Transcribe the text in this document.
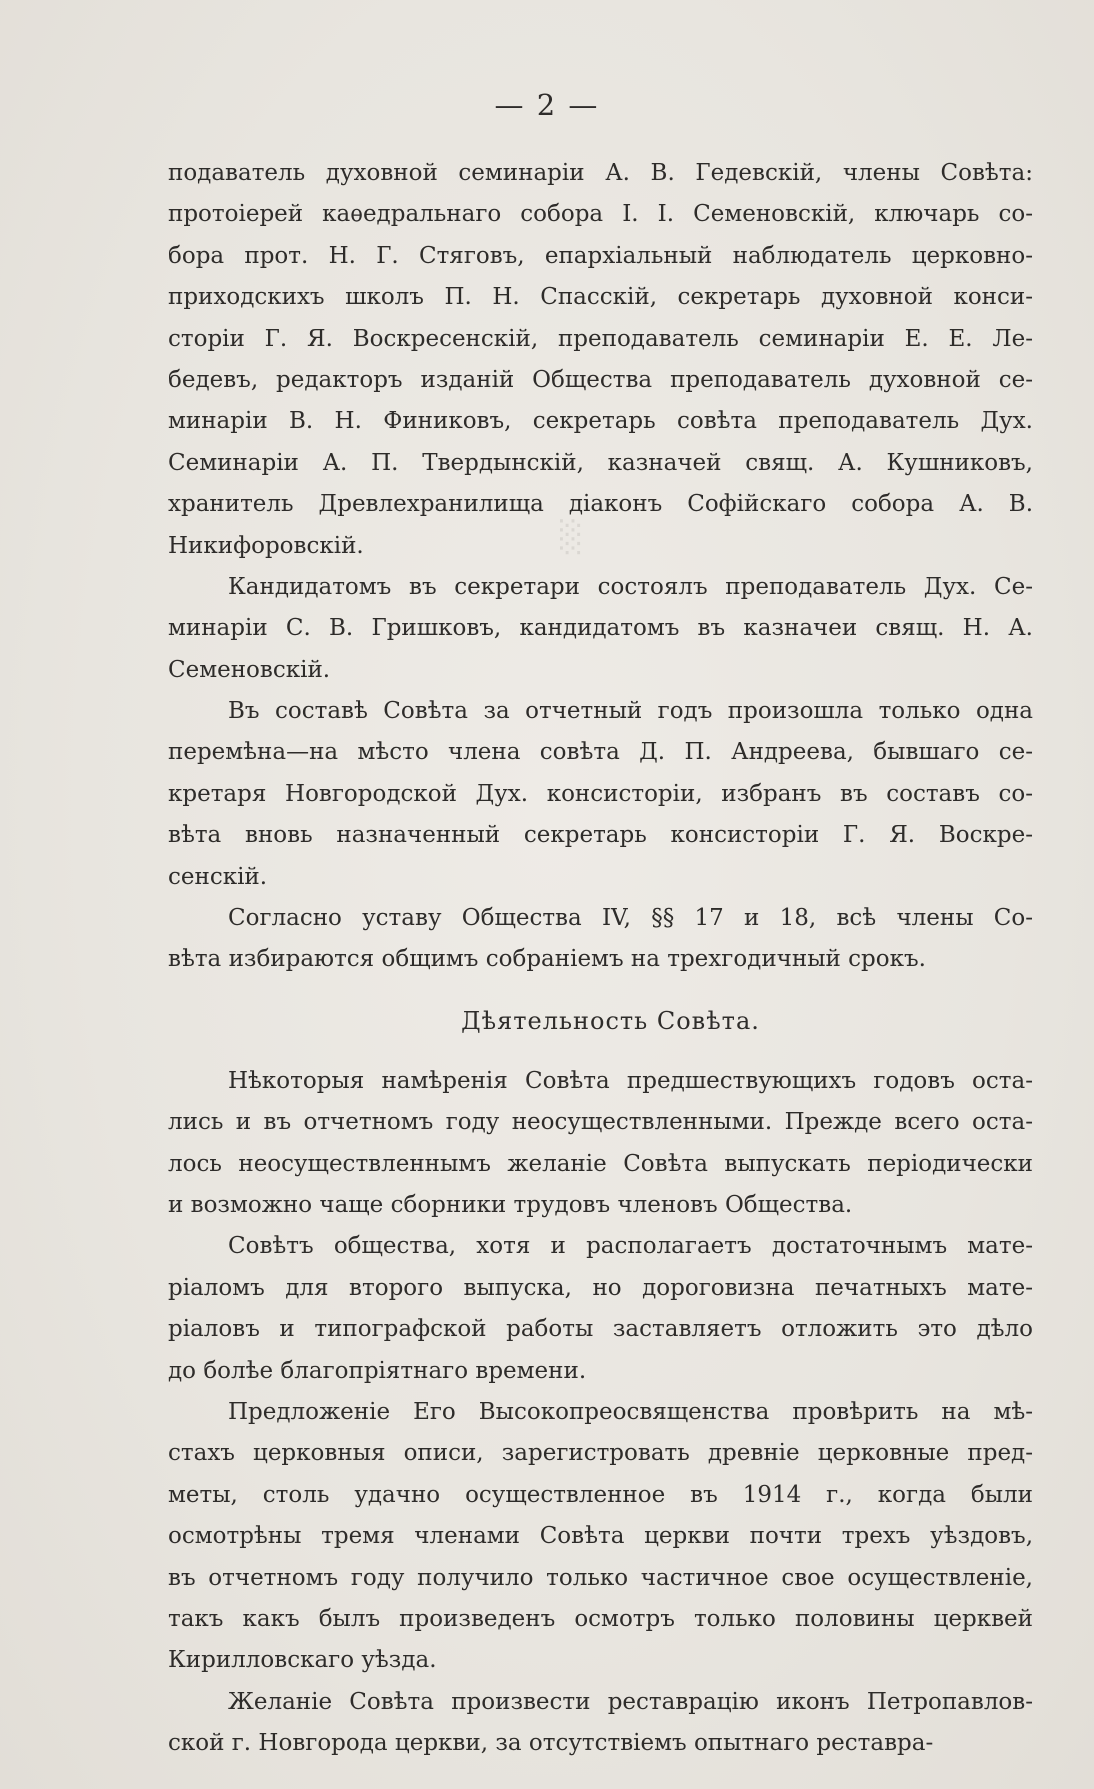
░
— 2 —
подаватель духовной семинаріи А. В. Гедевскій, члены Совѣта:
протоіерей каѳедральнаго собора І. І. Семеновскій, ключарь со-
бора прот. Н. Г. Стяговъ, епархіальный наблюдатель церковно-
приходскихъ школъ П. Н. Спасскій, секретарь духовной конси-
сторіи Г. Я. Воскресенскій, преподаватель семинаріи Е. Е. Ле-
бедевъ, редакторъ изданій Общества преподаватель духовной се-
минаріи В. Н. Финиковъ, секретарь совѣта преподаватель Дух.
Семинаріи А. П. Твердынскій, казначей свящ. А. Кушниковъ,
хранитель Древлехранилища діаконъ Софійскаго собора А. В.
Никифоровскій.
Кандидатомъ въ секретари состоялъ преподаватель Дух. Се-
минаріи С. В. Гришковъ, кандидатомъ въ казначеи свящ. Н. А.
Семеновскій.
Въ составѣ Совѣта за отчетный годъ произошла только одна
перемѣна—на мѣсто члена совѣта Д. П. Андреева, бывшаго се-
кретаря Новгородской Дух. консисторіи, избранъ въ составъ со-
вѣта вновь назначенный секретарь консисторіи Г. Я. Воскре-
сенскій.
Согласно уставу Общества IV, §§ 17 и 18, всѣ члены Со-
вѣта избираются общимъ собраніемъ на трехгодичный срокъ.
Дѣятельность Совѣта.
Нѣкоторыя намѣренія Совѣта предшествующихъ годовъ оста-
лись и въ отчетномъ году неосуществленными. Прежде всего оста-
лось неосуществленнымъ желаніе Совѣта выпускать періодически
и возможно чаще сборники трудовъ членовъ Общества.
Совѣтъ общества, хотя и располагаетъ достаточнымъ мате-
ріаломъ для второго выпуска, но дороговизна печатныхъ мате-
ріаловъ и типографской работы заставляетъ отложить это дѣло
до болѣе благопріятнаго времени.
Предложеніе Его Высокопреосвященства провѣрить на мѣ-
стахъ церковныя описи, зарегистровать древніе церковные пред-
меты, столь удачно осуществленное въ 1914 г., когда были
осмотрѣны тремя членами Совѣта церкви почти трехъ уѣздовъ,
въ отчетномъ году получило только частичное свое осуществленіе,
такъ какъ былъ произведенъ осмотръ только половины церквей
Кирилловскаго уѣзда.
Желаніе Совѣта произвести реставрацію иконъ Петропавлов-
ской г. Новгорода церкви, за отсутствіемъ опытнаго реставра-
